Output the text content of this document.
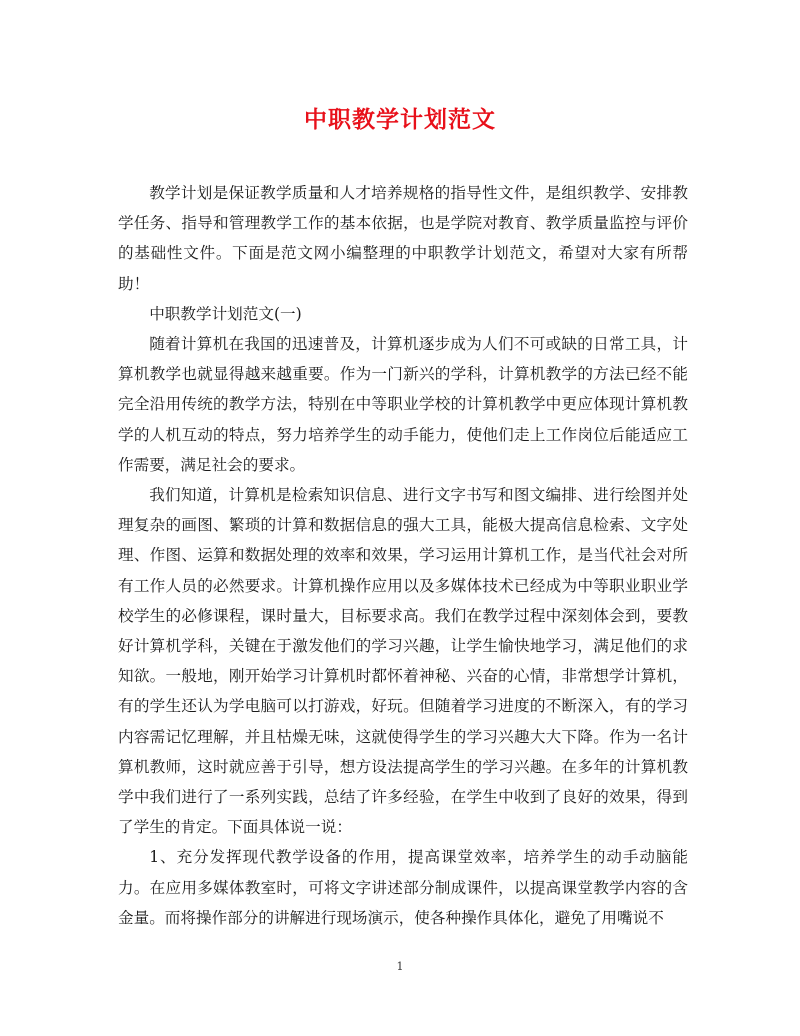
中职教学计划范文

教学计划是保证教学质量和人才培养规格的指导性文件，是组织教学、安排教学任务、指导和管理教学工作的基本依据，也是学院对教育、教学质量监控与评价的基础性文件。下面是范文网小编整理的中职教学计划范文，希望对大家有所帮助！

中职教学计划范文(一)

随着计算机在我国的迅速普及，计算机逐步成为人们不可或缺的日常工具，计算机教学也就显得越来越重要。作为一门新兴的学科，计算机教学的方法已经不能完全沿用传统的教学方法，特别在中等职业学校的计算机教学中更应体现计算机教学的人机互动的特点，努力培养学生的动手能力，使他们走上工作岗位后能适应工作需要，满足社会的要求。

我们知道，计算机是检索知识信息、进行文字书写和图文编排、进行绘图并处理复杂的画图、繁琐的计算和数据信息的强大工具，能极大提高信息检索、文字处理、作图、运算和数据处理的效率和效果，学习运用计算机工作，是当代社会对所有工作人员的必然要求。计算机操作应用以及多媒体技术已经成为中等职业职业学校学生的必修课程，课时量大，目标要求高。我们在教学过程中深刻体会到，要教好计算机学科，关键在于激发他们的学习兴趣，让学生愉快地学习，满足他们的求知欲。一般地，刚开始学习计算机时都怀着神秘、兴奋的心情，非常想学计算机，有的学生还认为学电脑可以打游戏，好玩。但随着学习进度的不断深入，有的学习内容需记忆理解，并且枯燥无味，这就使得学生的学习兴趣大大下降。作为一名计算机教师，这时就应善于引导，想方设法提高学生的学习兴趣。在多年的计算机教学中我们进行了一系列实践，总结了许多经验，在学生中收到了良好的效果，得到了学生的肯定。下面具体说一说：

1、充分发挥现代教学设备的作用，提高课堂效率，培养学生的动手动脑能力。在应用多媒体教室时，可将文字讲述部分制成课件，以提高课堂教学内容的含金量。而将操作部分的讲解进行现场演示，使各种操作具体化，避免了用嘴说不

1
